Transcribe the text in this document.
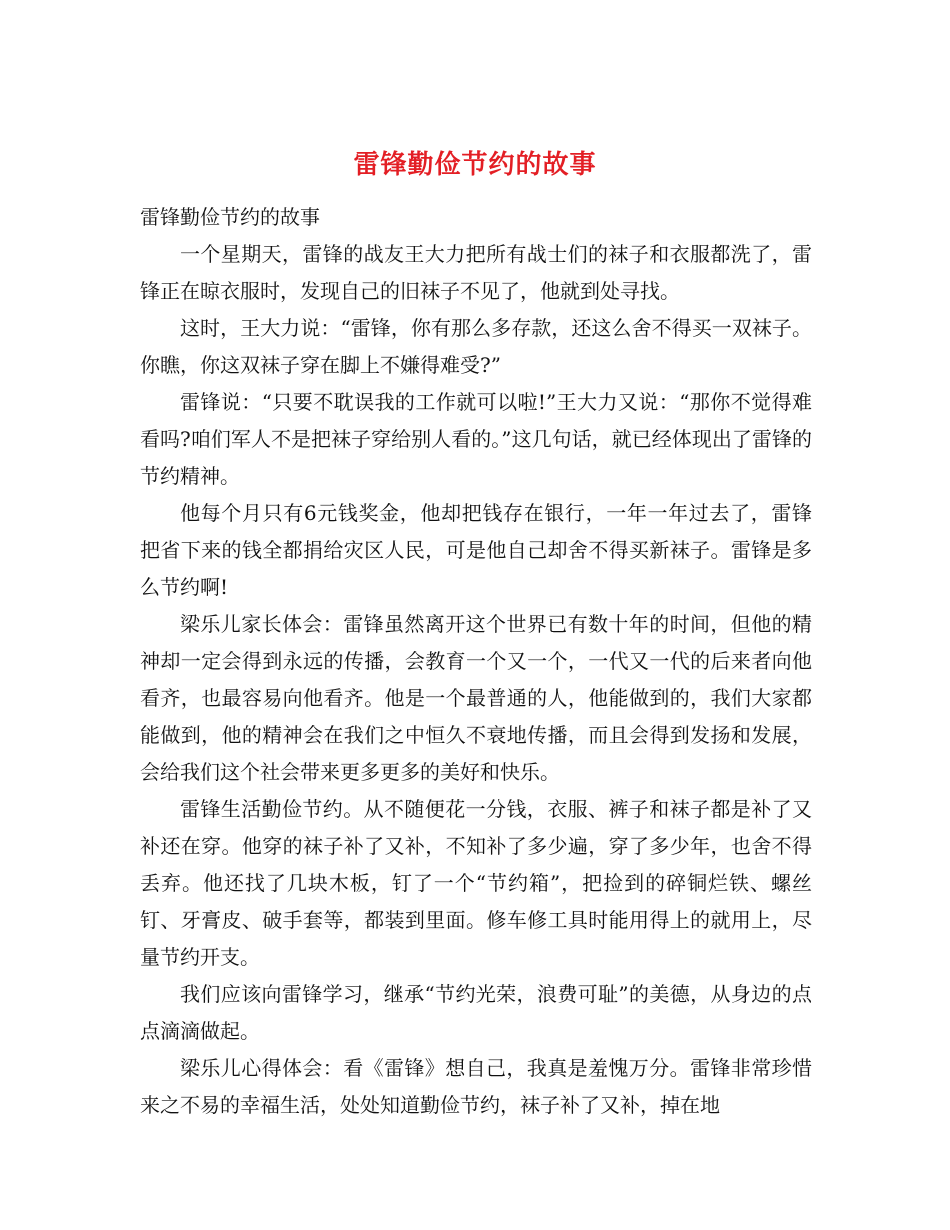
雷锋勤俭节约的故事

雷锋勤俭节约的故事

一个星期天，雷锋的战友王大力把所有战士们的袜子和衣服都洗了，雷锋正在晾衣服时，发现自己的旧袜子不见了，他就到处寻找。

这时，王大力说：“雷锋，你有那么多存款，还这么舍不得买一双袜子。你瞧，你这双袜子穿在脚上不嫌得难受?”

雷锋说：“只要不耽误我的工作就可以啦!”王大力又说：“那你不觉得难看吗?咱们军人不是把袜子穿给别人看的。”这几句话，就已经体现出了雷锋的节约精神。

他每个月只有6元钱奖金，他却把钱存在银行，一年一年过去了，雷锋把省下来的钱全都捐给灾区人民，可是他自己却舍不得买新袜子。雷锋是多么节约啊!

梁乐儿家长体会：雷锋虽然离开这个世界已有数十年的时间，但他的精神却一定会得到永远的传播，会教育一个又一个，一代又一代的后来者向他看齐，也最容易向他看齐。他是一个最普通的人，他能做到的，我们大家都能做到，他的精神会在我们之中恒久不衰地传播，而且会得到发扬和发展，会给我们这个社会带来更多更多的美好和快乐。

雷锋生活勤俭节约。从不随便花一分钱，衣服、裤子和袜子都是补了又补还在穿。他穿的袜子补了又补，不知补了多少遍，穿了多少年，也舍不得丢弃。他还找了几块木板，钉了一个“节约箱”，把捡到的碎铜烂铁、螺丝钉、牙膏皮、破手套等，都装到里面。修车修工具时能用得上的就用上，尽量节约开支。

我们应该向雷锋学习，继承“节约光荣，浪费可耻”的美德，从身边的点点滴滴做起。

梁乐儿心得体会：看《雷锋》想自己，我真是羞愧万分。雷锋非常珍惜来之不易的幸福生活，处处知道勤俭节约，袜子补了又补，掉在地
